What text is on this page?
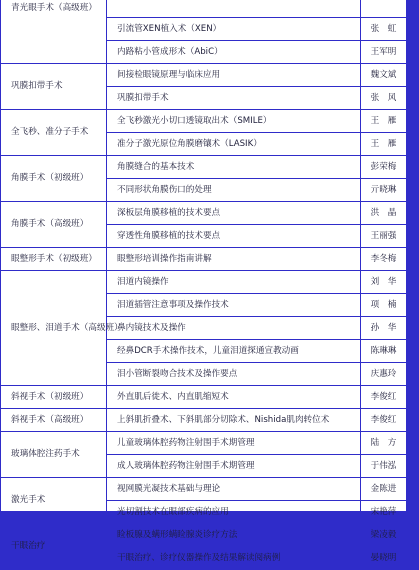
青光眼手术（高级班）		
	引流管XEN植入术（XEN）	张　虹
	内路粘小管成形术（AbiC）	王军明
巩膜扣带手术	间接检眼镜原理与临床应用	魏文斌
	巩膜扣带手术	张　风
全飞秒、准分子手术	全飞秒激光小切口透镜取出术（SMILE）	王　雁
	准分子激光原位角膜磨镶术（LASIK）	王　雁
角膜手术（初级班）	角膜缝合的基本技术	彭荣梅
	不同形状角膜伤口的处理	亓晓琳
角膜手术（高级班）	深板层角膜移植的技术要点	洪　晶
	穿透性角膜移植的技术要点	王丽强
眼整形手术（初级班）	眼整形培训操作指南讲解	李冬梅
眼整形、泪道手术（高级班）	泪道内镜操作	刘　华
	泪道插管注意事项及操作技术	项　楠
	鼻内镜技术及操作	孙　华
	经鼻DCR手术操作技术，儿童泪道探通宣教动画	陈琳琳
	泪小管断裂吻合技术及操作要点	庆惠玲
斜视手术（初级班）	外直肌后徙术、内直肌缩短术	李俊红
斜视手术（高级班）	上斜肌折叠术、下斜肌部分切除术、Nishida肌肉转位术	李俊红
玻璃体腔注药手术	儿童玻璃体腔药物注射围手术期管理	陆　方
	成人玻璃体腔药物注射围手术期管理	于伟泓
激光手术	视网膜光凝技术基础与理论	金陈进
	光切割技术在眼部疾病的应用	宋艳萍
干眼治疗	睑板腺及螨形螨睑腺炎诊疗方法	梁凌毅
	干眼治疗、诊疗仪器操作及结果解读阅病例	晏晓明
